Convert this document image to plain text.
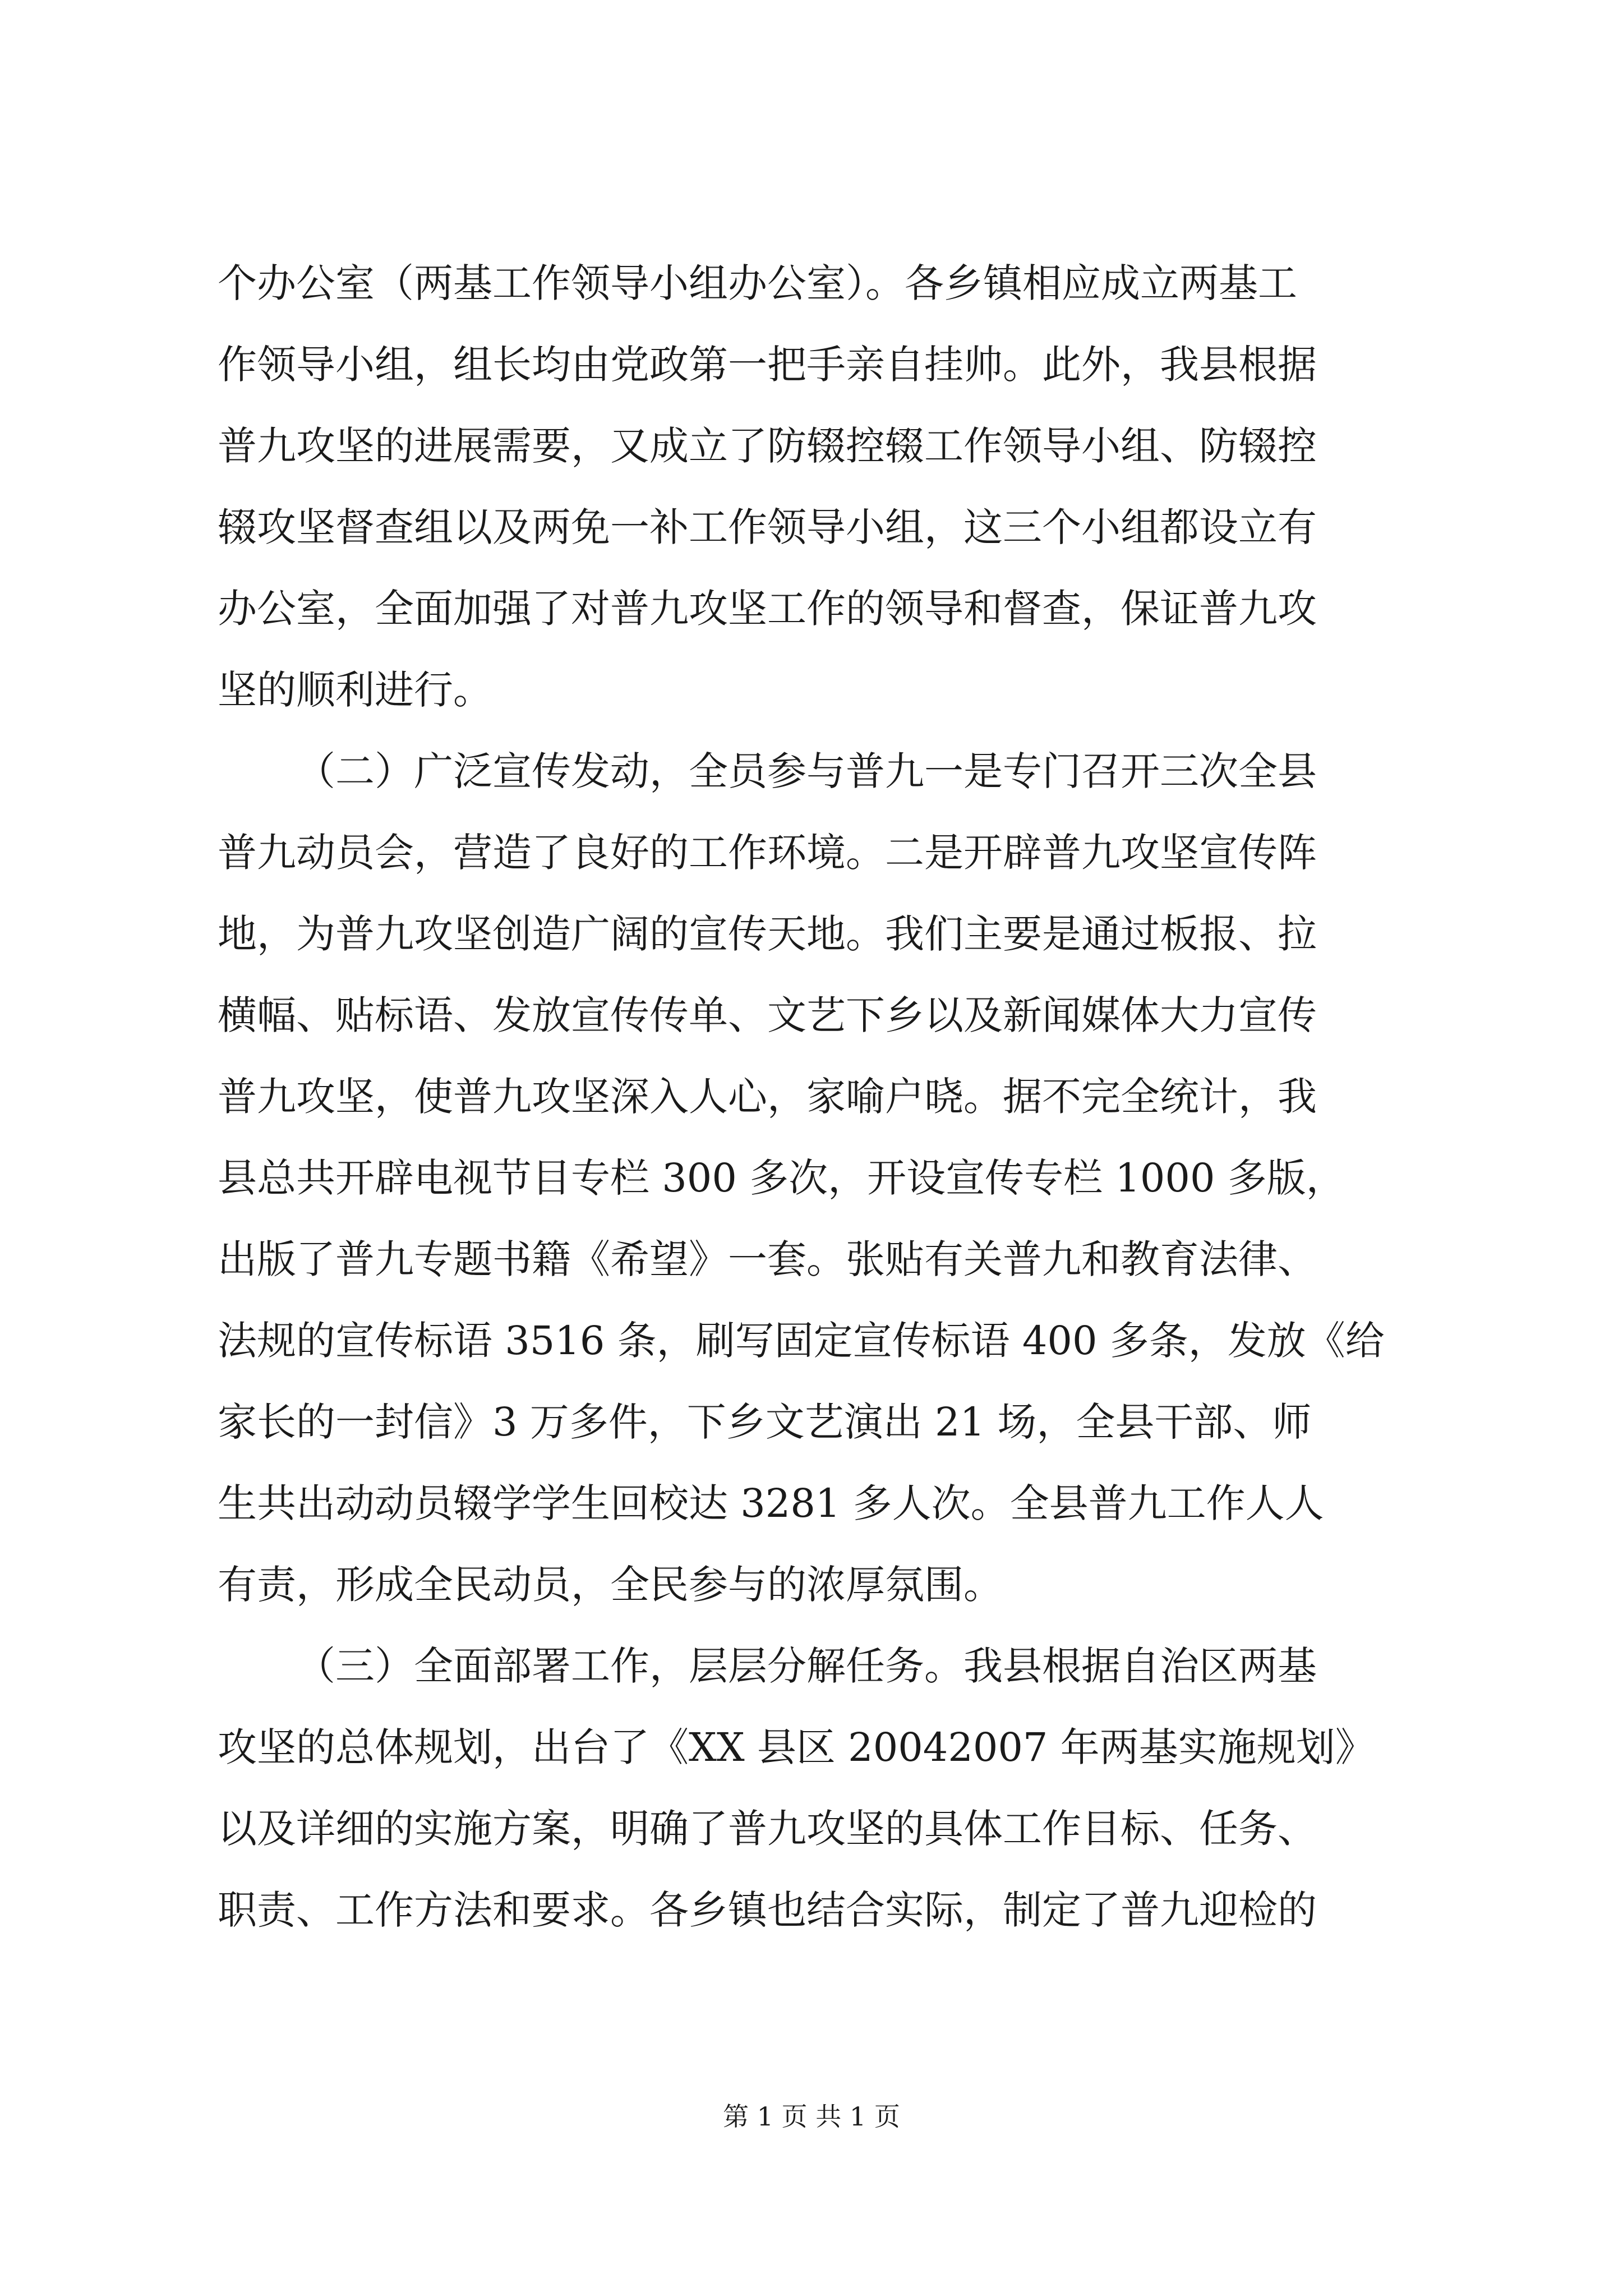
个办公室（两基工作领导小组办公室）。各乡镇相应成立两基工
作领导小组，组长均由党政第一把手亲自挂帅。此外，我县根据
普九攻坚的进展需要，又成立了防辍控辍工作领导小组、防辍控
辍攻坚督查组以及两免一补工作领导小组，这三个小组都设立有
办公室，全面加强了对普九攻坚工作的领导和督查，保证普九攻
坚的顺利进行。
（二）广泛宣传发动，全员参与普九一是专门召开三次全县
普九动员会，营造了良好的工作环境。二是开辟普九攻坚宣传阵
地，为普九攻坚创造广阔的宣传天地。我们主要是通过板报、拉
横幅、贴标语、发放宣传传单、文艺下乡以及新闻媒体大力宣传
普九攻坚，使普九攻坚深入人心，家喻户晓。据不完全统计，我
县总共开辟电视节目专栏 300 多次，开设宣传专栏 1000 多版，
出版了普九专题书籍《希望》一套。张贴有关普九和教育法律、
法规的宣传标语 3516 条，刷写固定宣传标语 400 多条，发放《给
家长的一封信》3 万多件，下乡文艺演出 21 场，全县干部、师
生共出动动员辍学学生回校达 3281 多人次。全县普九工作人人
有责，形成全民动员，全民参与的浓厚氛围。
（三）全面部署工作，层层分解任务。我县根据自治区两基
攻坚的总体规划，出台了《XX 县区 20042007 年两基实施规划》
以及详细的实施方案，明确了普九攻坚的具体工作目标、任务、
职责、工作方法和要求。各乡镇也结合实际，制定了普九迎检的
第 1 页 共 1 页
